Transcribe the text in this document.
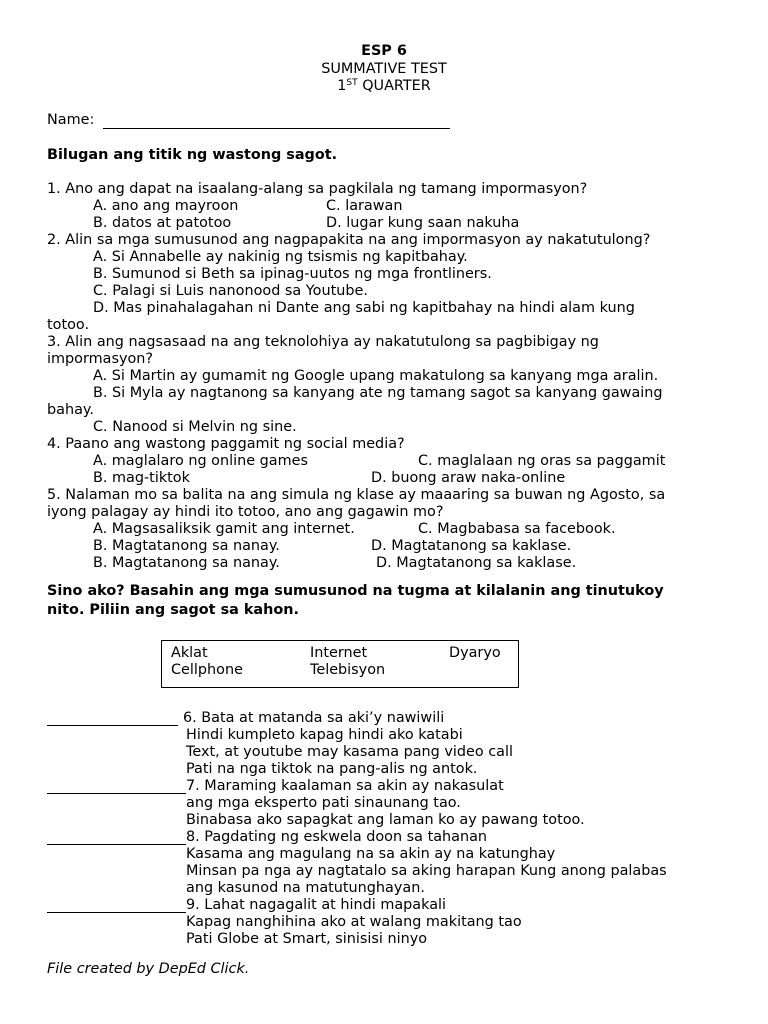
ESP 6
SUMMATIVE TEST
1ST QUARTER
Name:
Bilugan ang titik ng wastong sagot.
1. Ano ang dapat na isaalang-alang sa pagkilala ng tamang impormasyon?
A. ano ang mayroon	C. larawan
B. datos at patotoo	D. lugar kung saan nakuha
2. Alin sa mga sumusunod ang nagpapakita na ang impormasyon ay nakatutulong?
A. Si Annabelle ay nakinig ng tsismis ng kapitbahay.
B. Sumunod si Beth sa ipinag-uutos ng mga frontliners.
C. Palagi si Luis nanonood sa Youtube.
D. Mas pinahalagahan ni Dante ang sabi ng kapitbahay na hindi alam kung
totoo.
3. Alin ang nagsasaad na ang teknolohiya ay nakatutulong sa pagbibigay ng
impormasyon?
A. Si Martin ay gumamit ng Google upang makatulong sa kanyang mga aralin.
B. Si Myla ay nagtanong sa kanyang ate ng tamang sagot sa kanyang gawaing
bahay.
C. Nanood si Melvin ng sine.
4. Paano ang wastong paggamit ng social media?
A. maglalaro ng online games	C. maglalaan ng oras sa paggamit
B. mag-tiktok	D. buong araw naka-online
5. Nalaman mo sa balita na ang simula ng klase ay maaaring sa buwan ng Agosto, sa
iyong palagay ay hindi ito totoo, ano ang gagawin mo?
A. Magsasaliksik gamit ang internet.	C. Magbabasa sa facebook.
B. Magtatanong sa nanay.	D. Magtatanong sa kaklase.
B. Magtatanong sa nanay.	D. Magtatanong sa kaklase.
Sino ako? Basahin ang mga sumusunod na tugma at kilalanin ang tinutukoy
nito. Piliin ang sagot sa kahon.
Aklat	Internet	Dyaryo
Cellphone	Telebisyon
6. Bata at matanda sa aki’y nawiwili
Hindi kumpleto kapag hindi ako katabi
Text, at youtube may kasama pang video call
Pati na nga tiktok na pang-alis ng antok.
7. Maraming kaalaman sa akin ay nakasulat
ang mga eksperto pati sinaunang tao.
Binabasa ako sapagkat ang laman ko ay pawang totoo.
8. Pagdating ng eskwela doon sa tahanan
Kasama ang magulang na sa akin ay na katunghay
Minsan pa nga ay nagtatalo sa aking harapan Kung anong palabas
ang kasunod na matutunghayan.
9. Lahat nagagalit at hindi mapakali
Kapag nanghihina ako at walang makitang tao
Pati Globe at Smart, sinisisi ninyo
File created by DepEd Click.
